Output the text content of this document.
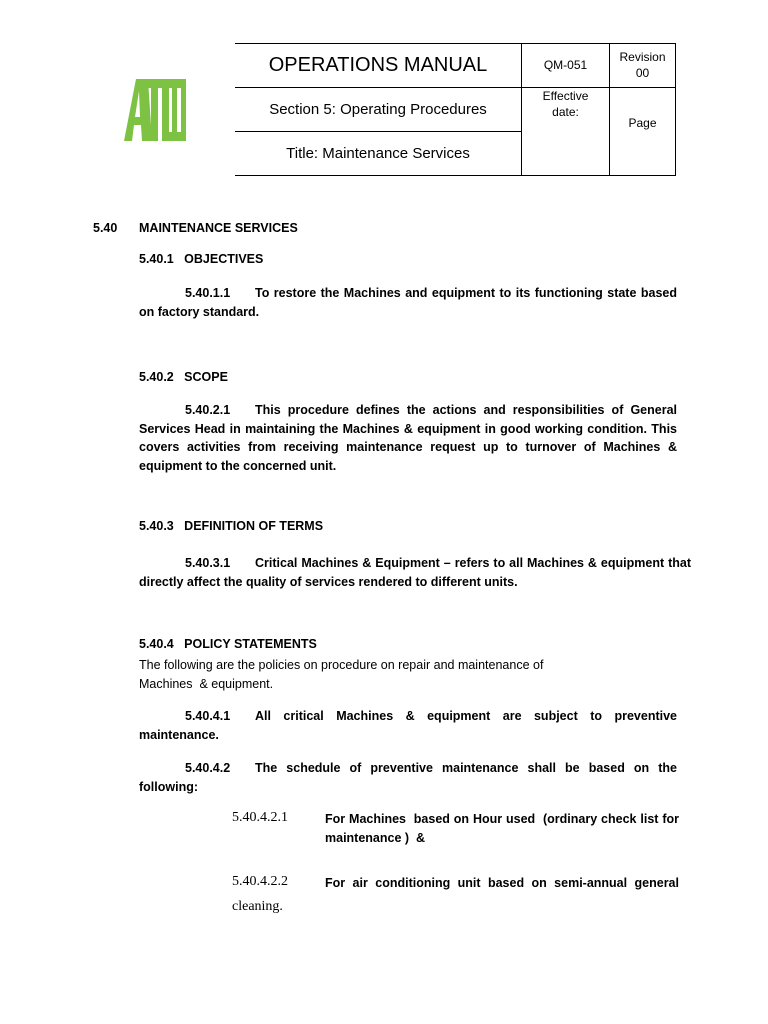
OPERATIONS MANUAL
Section 5: Operating Procedures
Title: Maintenance Services
QM-051
Revision
00
Effective
date:
Page
5.40 MAINTENANCE SERVICES
5.40.1   OBJECTIVES
5.40.1.1 To restore the Machines and equipment to its functioning state based
on factory standard.
5.40.2   SCOPE
5.40.2.1 This procedure defines the actions and responsibilities of General
Services Head in maintaining the Machines & equipment in good working condition. This
covers activities from receiving maintenance request up to turnover of Machines &
equipment to the concerned unit.
5.40.3   DEFINITION OF TERMS
5.40.3.1 Critical Machines & Equipment – refers to all Machines & equipment that
directly affect the quality of services rendered to different units.
5.40.4   POLICY STATEMENTS
The following are the policies on procedure on repair and maintenance of
Machines  & equipment.
5.40.4.1 All critical Machines & equipment are subject to preventive
maintenance.
5.40.4.2 The schedule of preventive maintenance shall be based on the
following:
5.40.4.2.1	For Machines  based on Hour used  (ordinary check list for
maintenance )  &
5.40.4.2.2	For air conditioning unit based on semi-annual general
cleaning.
